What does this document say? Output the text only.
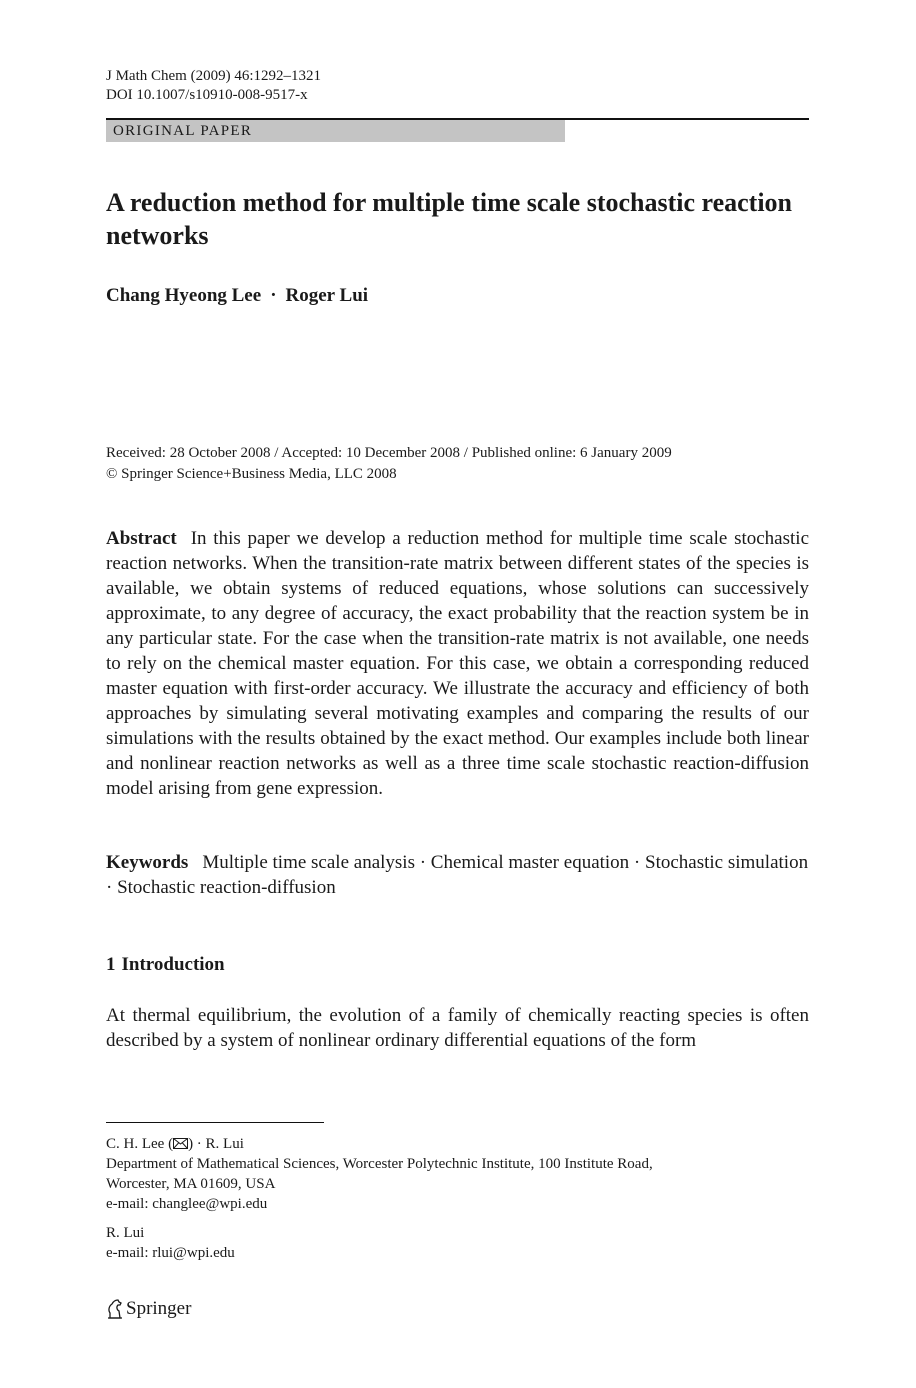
J Math Chem (2009) 46:1292–1321
DOI 10.1007/s10910-008-9517-x
ORIGINAL PAPER
A reduction method for multiple time scale stochastic reaction networks
Chang Hyeong Lee · Roger Lui
Received: 28 October 2008 / Accepted: 10 December 2008 / Published online: 6 January 2009
© Springer Science+Business Media, LLC 2008

Abstract In this paper we develop a reduction method for multiple time scale stochastic reaction networks. When the transition-rate matrix between different states of the species is available, we obtain systems of reduced equations, whose solutions can successively approximate, to any degree of accuracy, the exact probability that the reaction system be in any particular state. For the case when the transition-rate matrix is not available, one needs to rely on the chemical master equation. For this case, we obtain a corresponding reduced master equation with first-order accuracy. We illustrate the accuracy and efficiency of both approaches by simulating several motivating examples and comparing the results of our simulations with the results obtained by the exact method. Our examples include both linear and nonlinear reaction networks as well as a three time scale stochastic reaction-diffusion model arising from gene expression.

Keywords Multiple time scale analysis · Chemical master equation · Stochastic simulation · Stochastic reaction-diffusion

1 Introduction

At thermal equilibrium, the evolution of a family of chemically reacting species is often described by a system of nonlinear ordinary differential equations of the form

C. H. Lee ( ) · R. Lui
Department of Mathematical Sciences, Worcester Polytechnic Institute, 100 Institute Road,
Worcester, MA 01609, USA
e-mail: changlee@wpi.edu
R. Lui
e-mail: rlui@wpi.edu
Springer
